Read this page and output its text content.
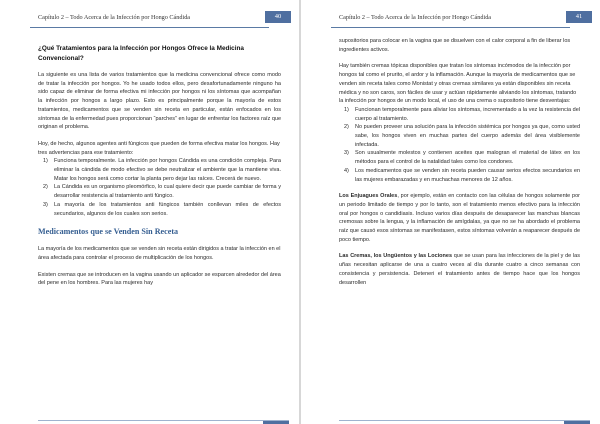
Capítulo 2 – Todo Acerca de la Infección por Hongo Cándida	40
¿Qué Tratamientos para la Infección por Hongos Ofrece la Medicina Convencional?

La siguiente es una lista de varios tratamientos que la medicina convencional ofrece como modo de tratar la infección por hongos. Yo he usado todos ellos, pero desafortunadamente ninguno ha sido capaz de eliminar de forma efectiva mi infección por hongos ni los síntomas que acompañan la infección por hongos a largo plazo. Esto es principalmente porque la mayoría de estos tratamientos, medicamentos que se venden sin receta en particular, están enfocados en los síntomas de la enfermedad pues proporcionan “parches” en lugar de enfrentar los factores raíz que originan el problema.

Hoy, de hecho, algunos agentes anti fúngicos que pueden de forma efectiva matar los hongos. Hay tres advertencias para ese tratamiento:

1) Funciona temporalmente. La infección por hongos Cándida es una condición compleja. Para eliminar la cándida de modo efectivo se debe neutralizar el ambiente que la mantiene viva. Matar los hongos será como cortar la planta pero dejar las raíces. Crecerá de nuevo.
2) La Cándida es un organismo pleomórfico, lo cual quiere decir que puede cambiar de forma y desarrollar resistencia al tratamiento anti fúngico.
3) La mayoría de los tratamientos anti fúngicos también conllevan miles de efectos secundarios, algunos de los cuales son serios.
Medicamentos que se Venden Sin Receta

La mayoría de los medicamentos que se venden sin receta están dirigidos a tratar la infección en el área afectada para controlar el proceso de multiplicación de los hongos.

Existen cremas que se introducen en la vagina usando un aplicador se esparcen alrededor del área del pene en los hombres. Para las mujeres hay

Capítulo 2 – Todo Acerca de la Infección por Hongo Cándida	41

supositorios para colocar en la vagina que se disuelven con el calor corporal a fin de liberar los ingredientes activos.

Hay también cremas tópicas disponibles que tratan los síntomas incómodos de la infección por hongos tal como el prurito, el ardor y la inflamación. Aunque la mayoría de medicamentos que se venden sin receta tales como Monistat y otras cremas similares ya están disponibles sin receta médica y no son caros, son fáciles de usar y actúan rápidamente aliviando los síntomas, tratando la infección por hongos de un modo local, el uso de una crema o supositorio tiene desventajas:

1) Funcionan temporalmente para aliviar los síntomas, incrementado a la vez la resistencia del cuerpo al tratamiento.
2) No pueden proveer una solución para la infección sistémica por hongos ya que, como usted sabe, los hongos viven en muchas partes del cuerpo además del área visiblemente infectada.
3) Son usualmente molestos y contienen aceites que malogran el material de látex en los métodos para el control de la natalidad tales como los condones.
4) Los medicamentos que se venden sin receta pueden causar serios efectos secundarios en las mujeres embarazadas y en muchachas menores de 12 años.

Los Enjuagues Orales, por ejemplo, están en contacto con las células de hongos solamente por un periodo limitado de tiempo y por lo tanto, son el tratamiento menos efectivo para la infección oral por hongos o candidiasis. Incluso varios días después de desaparecer las manchas blancas cremosas sobre la lengua, y la inflamación de amígdalas, ya que no se ha abordado el problema raíz que causó esos síntomas se manifestasen, estos síntomas volverán a reaparecer después de poco tiempo.

Las Cremas, los Ungüentos y las Lociones que se usan para las infecciones de la piel y de las uñas necesitan aplicarse de una a cuatro veces al día durante cuatro a cinco semanas con consistencia y persistencia. Deteneri el tratamiento antes de tiempo hace que los hongos desarrollen
